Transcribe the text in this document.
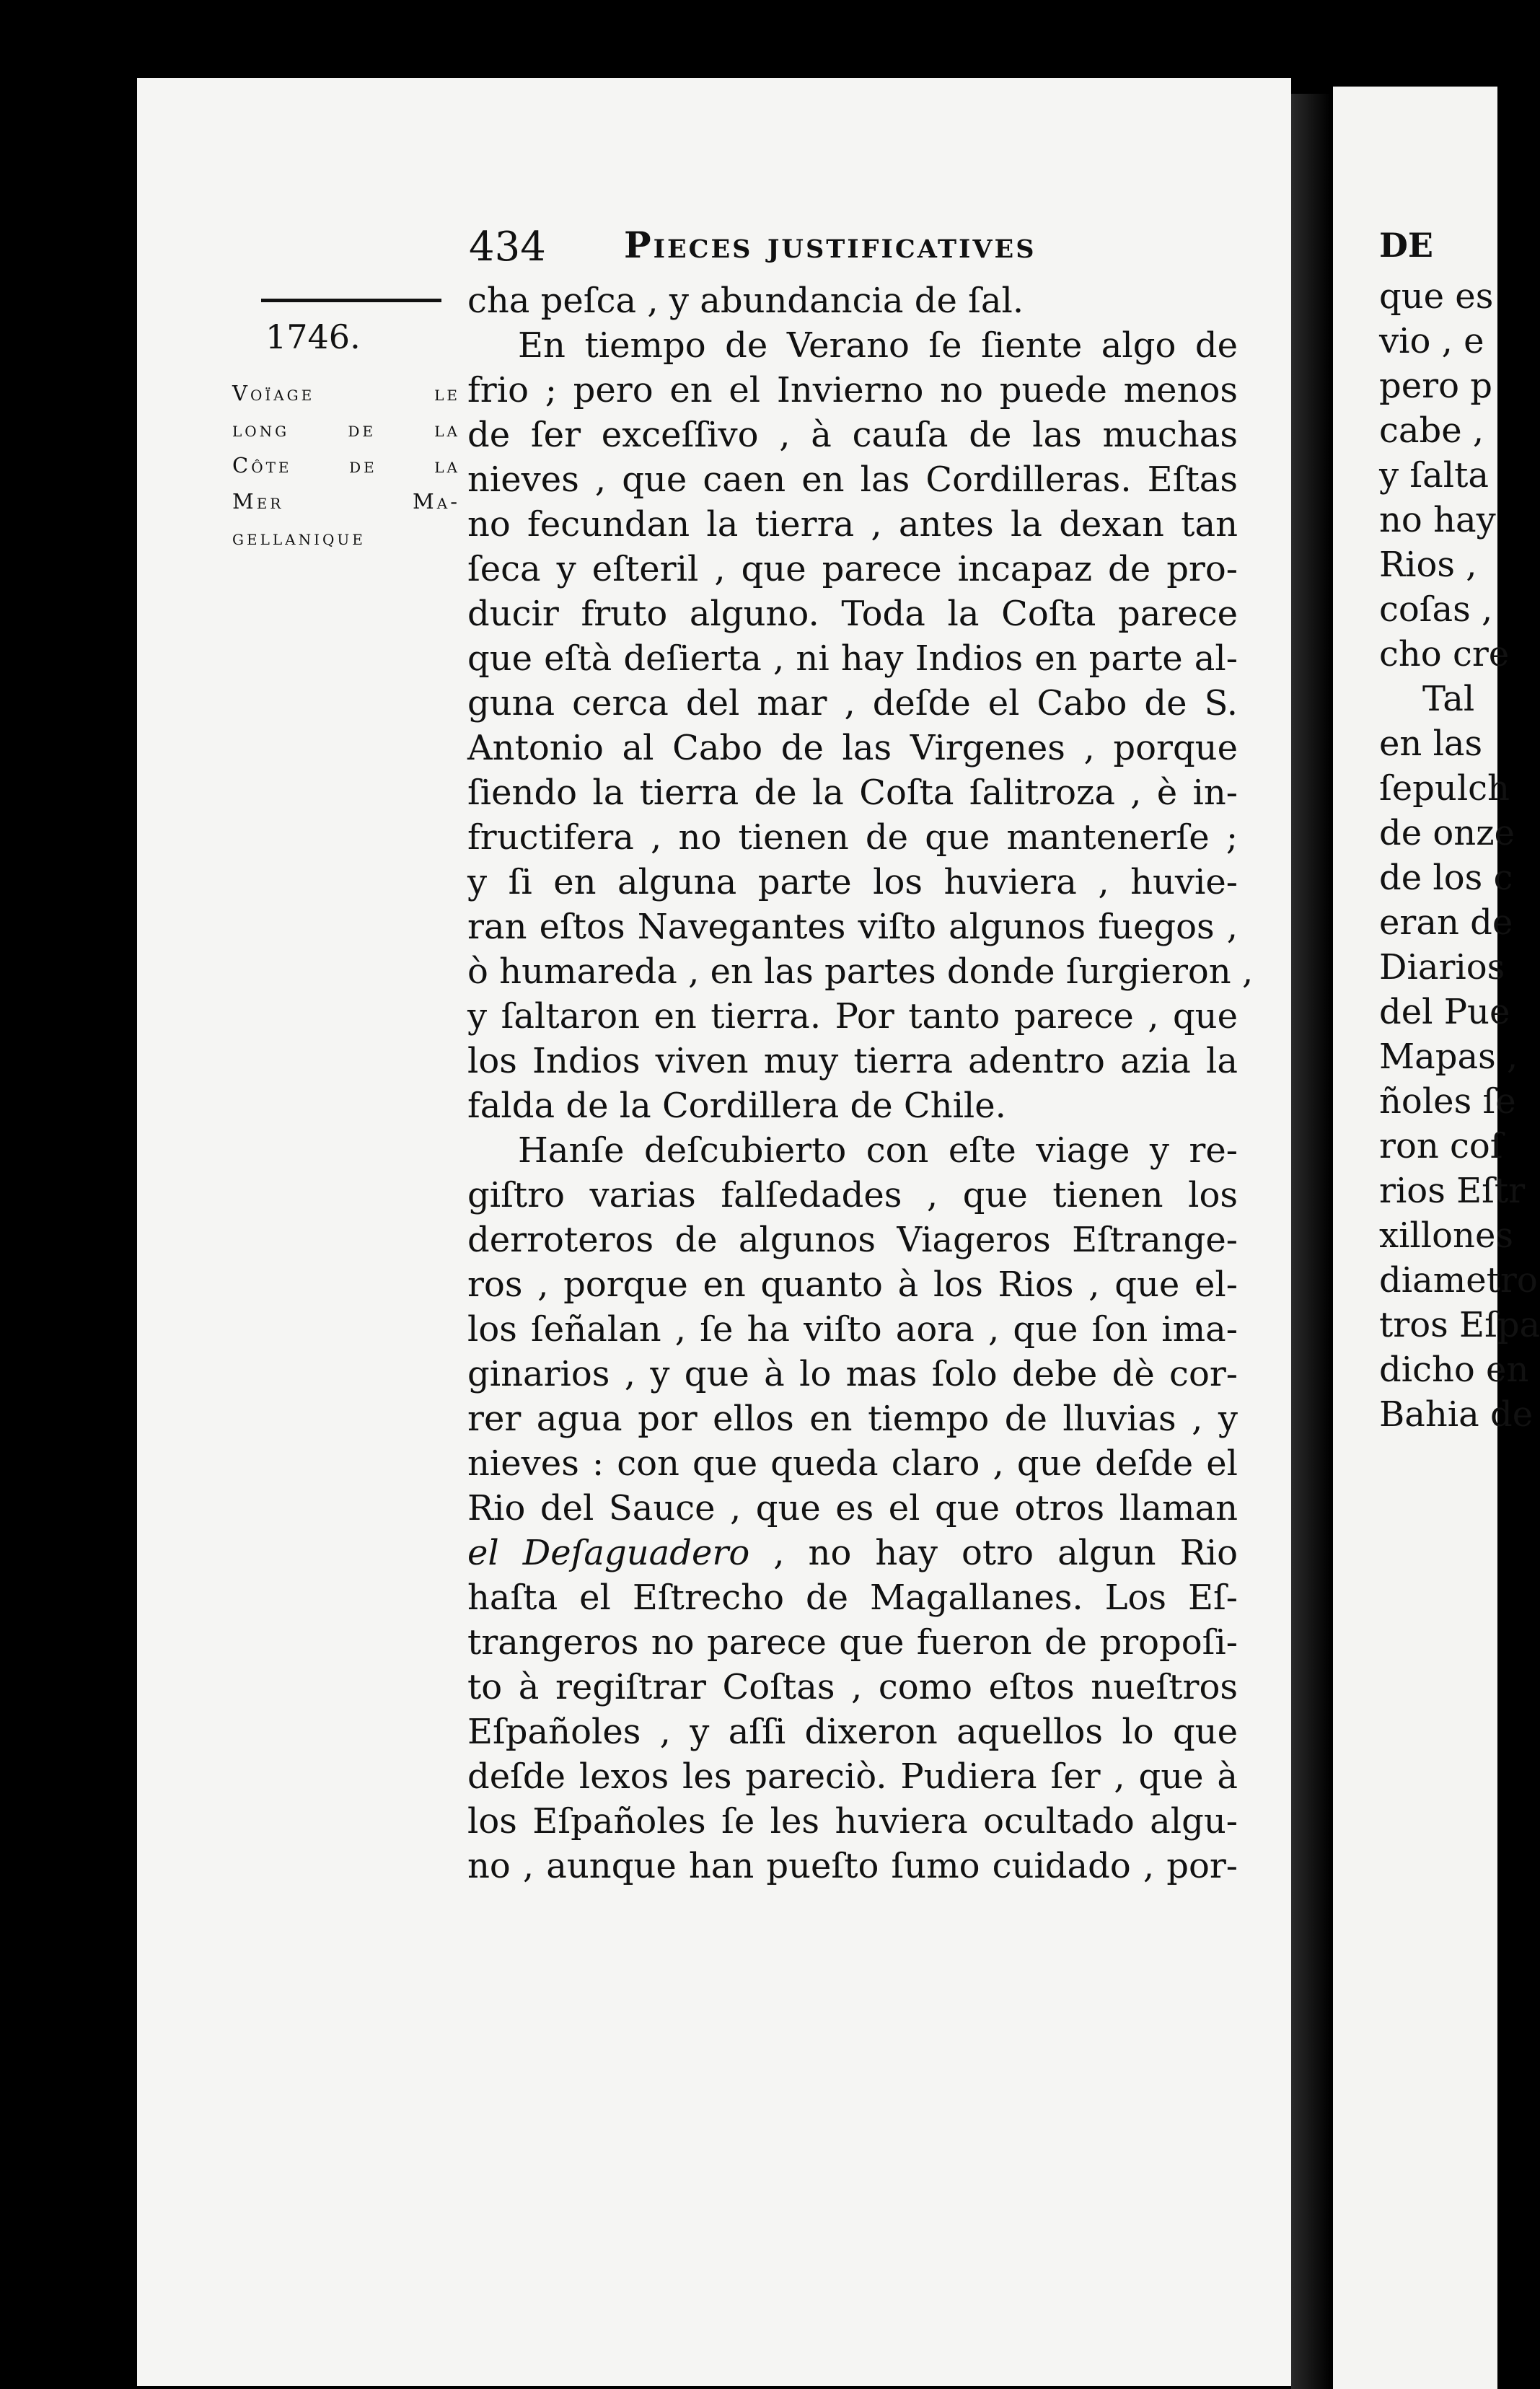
434 Pieces justificatives
1746.
Voïage le
long de la
Côte de la
Mer Ma-
gellanique
cha peſca , y abundancia de ſal.
En tiempo de Verano ſe ſiente algo de
frio ; pero en el Invierno no puede menos
de ſer exceſſivo , à cauſa de las muchas
nieves , que caen en las Cordilleras. Eſtas
no fecundan la tierra , antes la dexan tan
ſeca y eſteril , que parece incapaz de pro-
ducir fruto alguno. Toda la Coſta parece
que eſtà deſierta , ni hay Indios en parte al-
guna cerca del mar , deſde el Cabo de S.
Antonio al Cabo de las Virgenes , porque
ſiendo la tierra de la Coſta ſalitroza , è in-
fructifera , no tienen de que mantenerſe ;
y ſi en alguna parte los huviera , huvie-
ran eſtos Navegantes viſto algunos fuegos ,
ò humareda , en las partes donde ſurgieron ,
y ſaltaron en tierra. Por tanto parece , que
los Indios viven muy tierra adentro azia la
falda de la Cordillera de Chile.
Hanſe deſcubierto con eſte viage y re-
giſtro varias falſedades , que tienen los
derroteros de algunos Viageros Eſtrange-
ros , porque en quanto à los Rios , que el-
los ſeñalan , ſe ha viſto aora , que ſon ima-
ginarios , y que à lo mas ſolo debe dè cor-
rer agua por ellos en tiempo de lluvias , y
nieves : con que queda claro , que deſde el
Rio del Sauce , que es el que otros llaman
el Deſaguadero , no hay otro algun Rio
haſta el Eſtrecho de Magallanes. Los Eſ-
trangeros no parece que fueron de propoſi-
to à regiſtrar Coſtas , como eſtos nueſtros
Eſpañoles , y aſſi dixeron aquellos lo que
deſde lexos les pareciò. Pudiera ſer , que à
los Eſpañoles ſe les huviera ocultado algu-
no , aunque han pueſto ſumo cuidado , por-
DE
que es
vio , e
pero p
cabe ,
y ſalta
no hay
Rios ,
coſas ,
cho cre
Tal
en las
ſepulch
de onze
de los c
eran de
Diarios
del Pue
Mapas ,
ñoles ſe
ron coſ
rios Eſtr
xillones
diametro
tros Eſpa
dicho en
Bahia de
